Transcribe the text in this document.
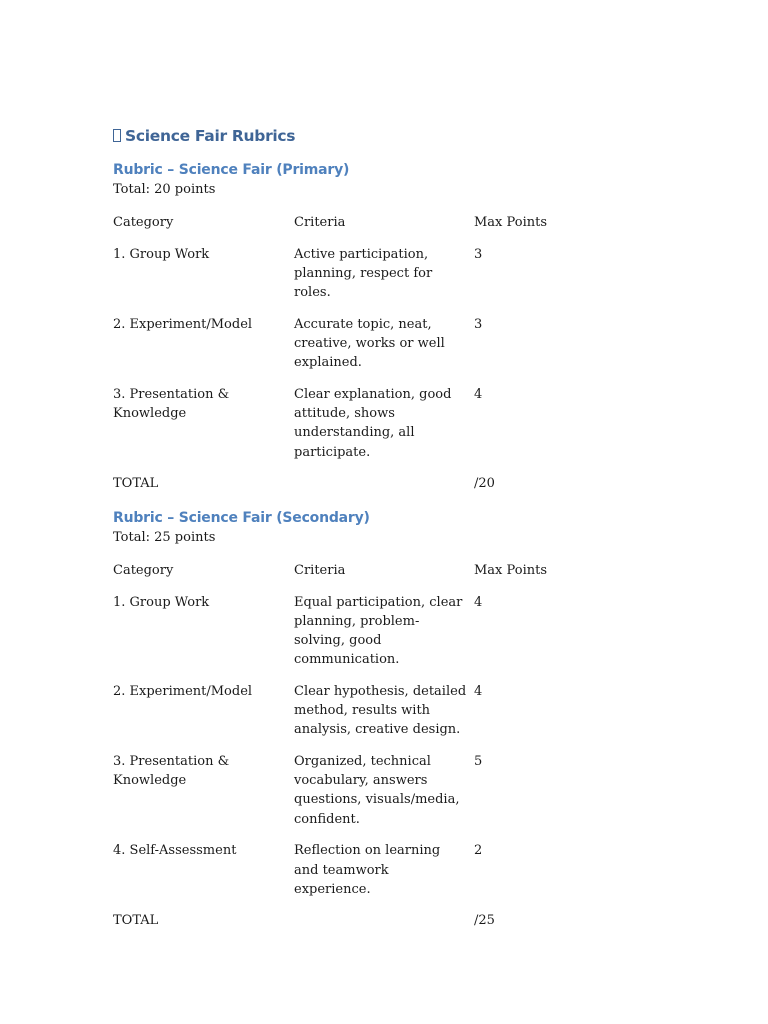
Science Fair Rubrics
Rubric – Science Fair (Primary)

Total: 20 points

Category	Criteria	Max Points
1. Group Work	Active participation, planning, respect for roles.	3
2. Experiment/Model	Accurate topic, neat, creative, works or well explained.	3
3. Presentation & Knowledge	Clear explanation, good attitude, shows understanding, all participate.	4
TOTAL		/20
Rubric – Science Fair (Secondary)

Total: 25 points

Category	Criteria	Max Points
1. Group Work	Equal participation, clear planning, problem-solving, good communication.	4
2. Experiment/Model	Clear hypothesis, detailed method, results with analysis, creative design.	4
3. Presentation & Knowledge	Organized, technical vocabulary, answers questions, visuals/media, confident.	5
4. Self-Assessment	Reflection on learning and teamwork experience.	2
TOTAL		/25
